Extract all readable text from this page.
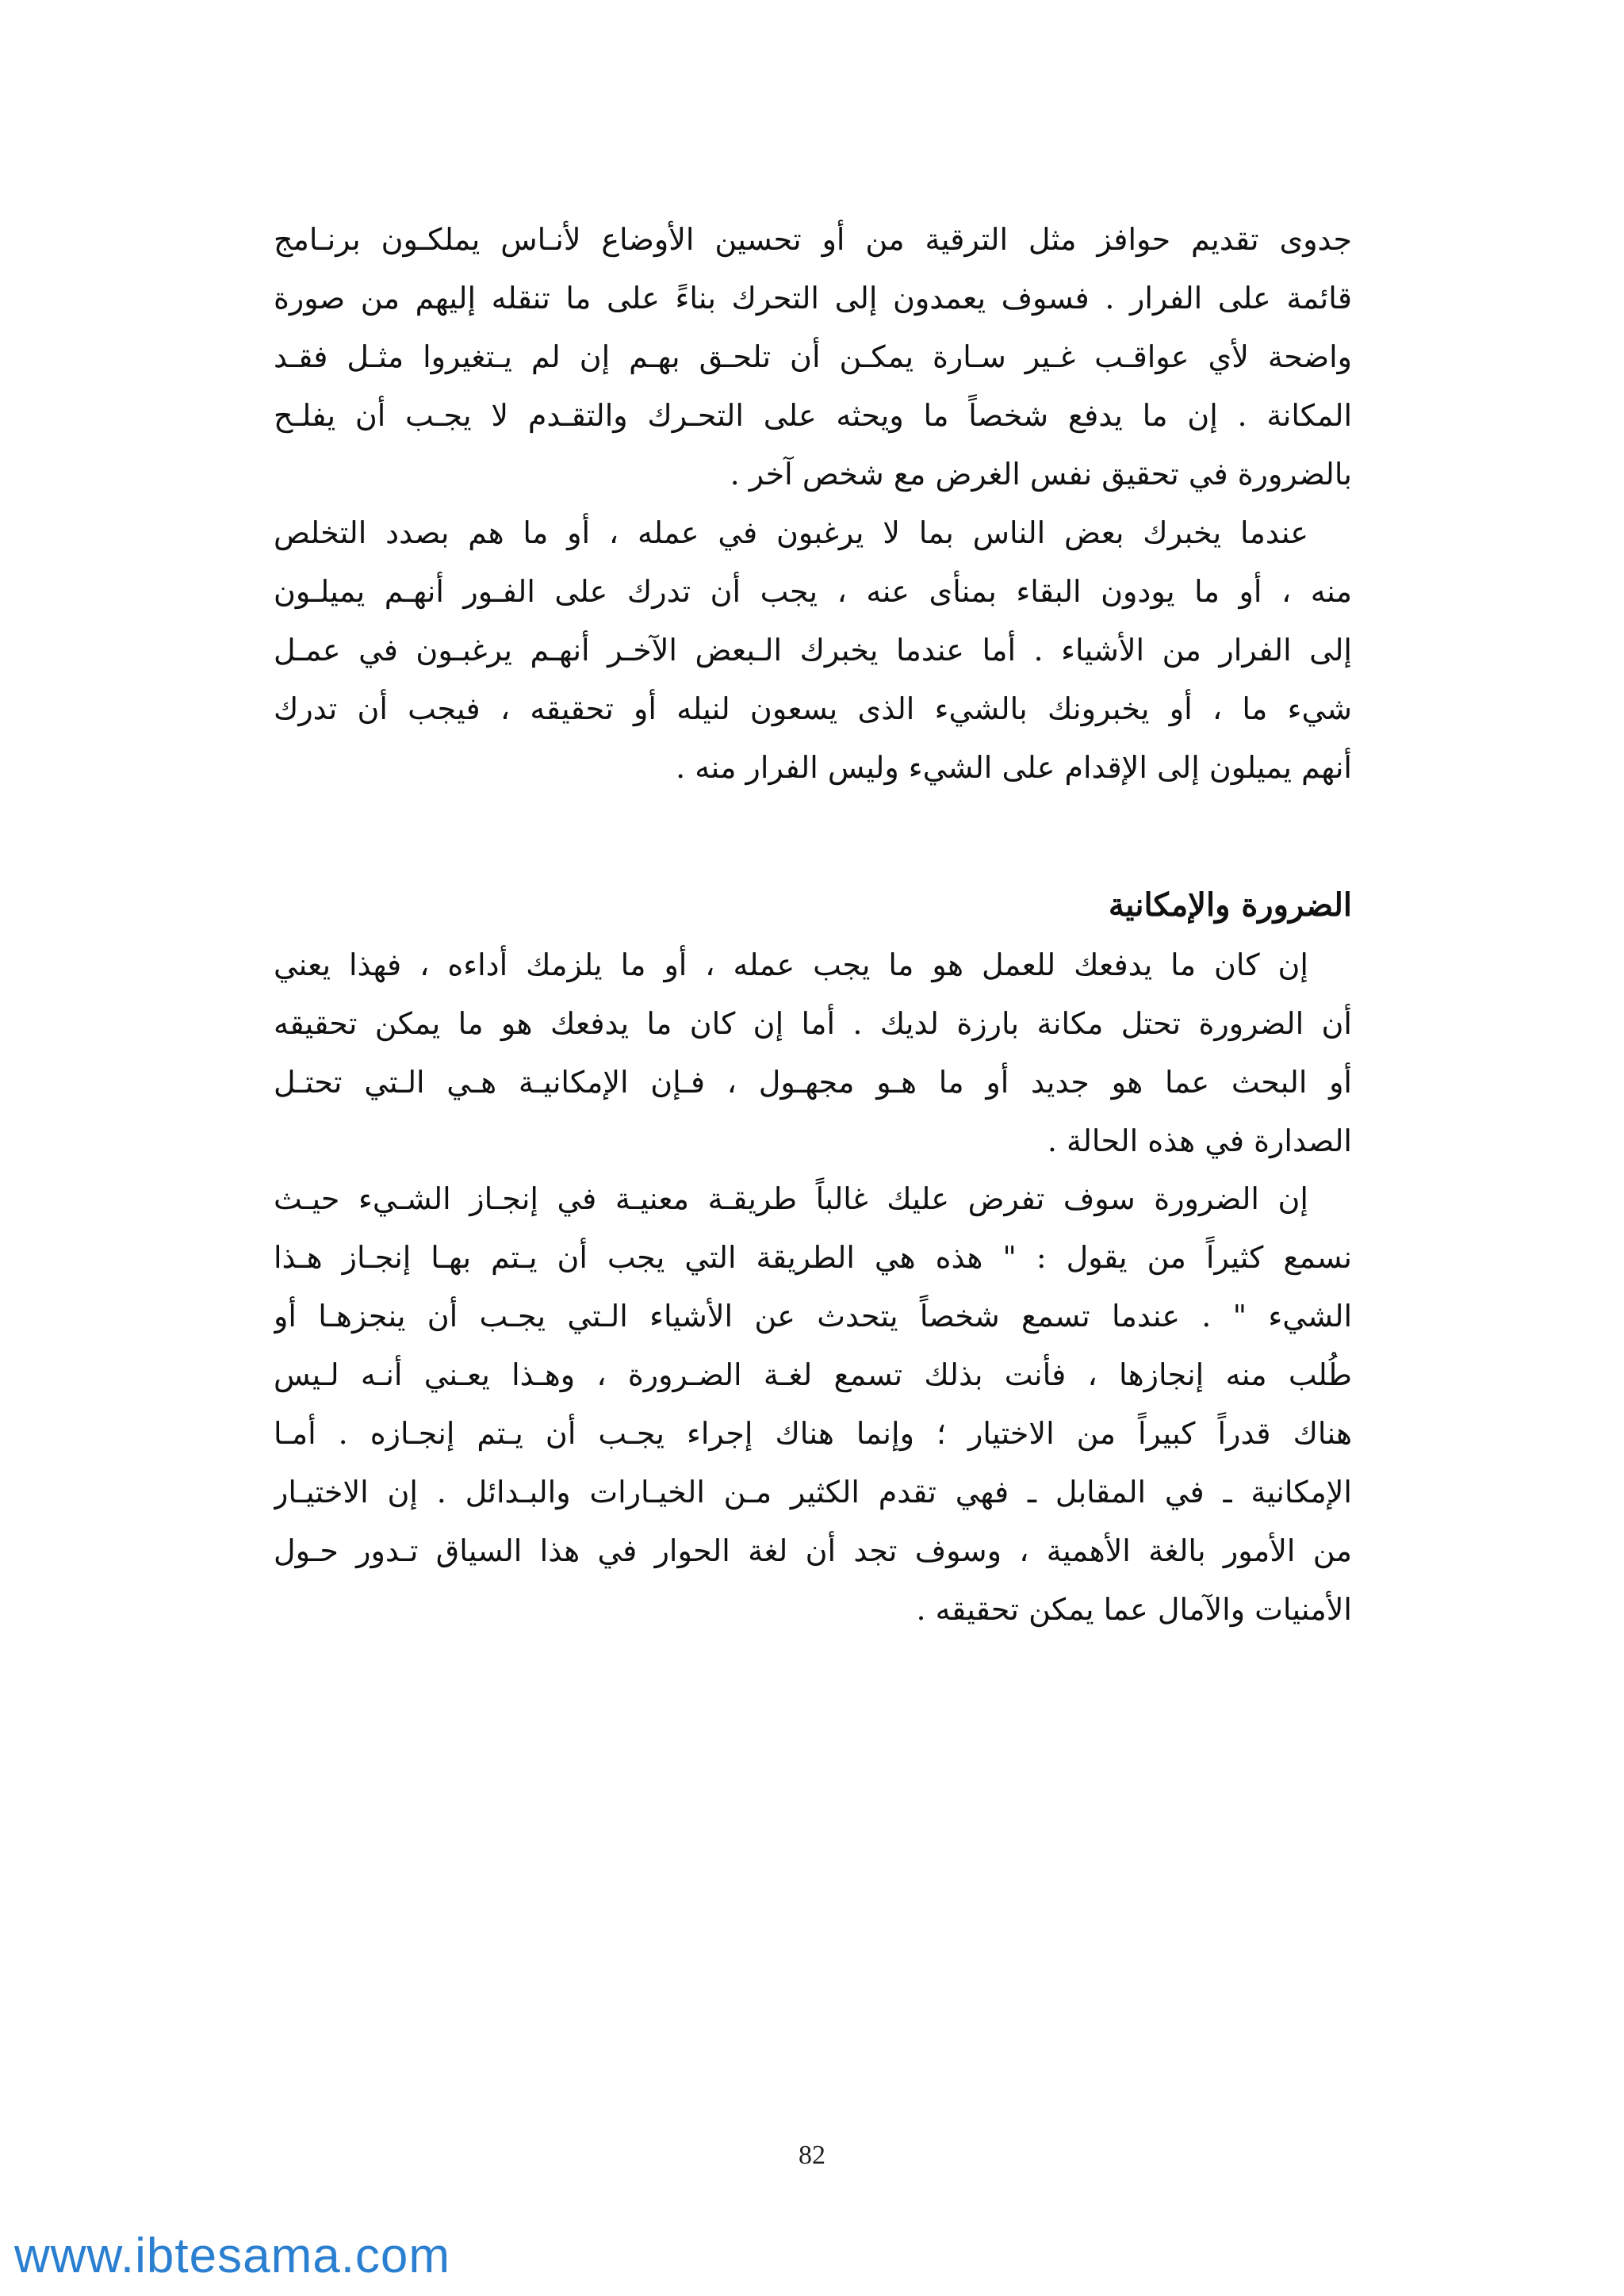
جدوى تقديم حوافز مثل الترقية من أو تحسين الأوضاع لأنـاس يملكـون برنـامج
قائمة على الفرار . فسوف يعمدون إلى التحرك بناءً على ما تنقله إليهم من صورة
واضحة لأي عواقـب غـير سـارة يمكـن أن تلحـق بهـم إن لم يـتغيروا مثـل فقـد
المكانة . إن ما يدفع شخصاً ما ويحثه على التحـرك والتقـدم لا يجـب أن يفلـح
بالضرورة في تحقيق نفس الغرض مع شخص آخر .
عندما يخبرك بعض الناس بما لا يرغبون في عمله ، أو ما هم بصدد التخلص
منه ، أو ما يودون البقاء بمنأى عنه ، يجب أن تدرك على الفـور أنهـم يميلـون
إلى الفرار من الأشياء . أما عندما يخبرك الـبعض الآخـر أنهـم يرغبـون في عمـل
شيء ما ، أو يخبرونك بالشيء الذى يسعون لنيله أو تحقيقه ، فيجب أن تدرك
أنهم يميلون إلى الإقدام على الشيء وليس الفرار منه .
الضرورة والإمكانية
إن كان ما يدفعك للعمل هو ما يجب عمله ، أو ما يلزمك أداءه ، فهذا يعني
أن الضرورة تحتل مكانة بارزة لديك . أما إن كان ما يدفعك هو ما يمكن تحقيقه
أو البحث عما هو جديد أو ما هـو مجهـول ، فـإن الإمكانيـة هـي الـتي تحتـل
الصدارة في هذه الحالة .
إن الضرورة سوف تفرض عليك غالباً طريقـة معنيـة في إنجـاز الشـيء حيـث
نسمع كثيراً من يقول : " هذه هي الطريقة التي يجب أن يـتم بهـا إنجـاز هـذا
الشيء " . عندما تسمع شخصاً يتحدث عن الأشياء الـتي يجـب أن ينجزهـا أو
طُلب منه إنجازها ، فأنت بذلك تسمع لغـة الضـرورة ، وهـذا يعـني أنـه لـيس
هناك قدراً كبيراً من الاختيار ؛ وإنما هناك إجراء يجـب أن يـتم إنجـازه . أمـا
الإمكانية ـ في المقابل ـ فهي تقدم الكثير مـن الخيـارات والبـدائل . إن الاختيـار
من الأمور بالغة الأهمية ، وسوف تجد أن لغة الحوار في هذا السياق تـدور حـول
الأمنيات والآمال عما يمكن تحقيقه .
82
www.ibtesama.com
